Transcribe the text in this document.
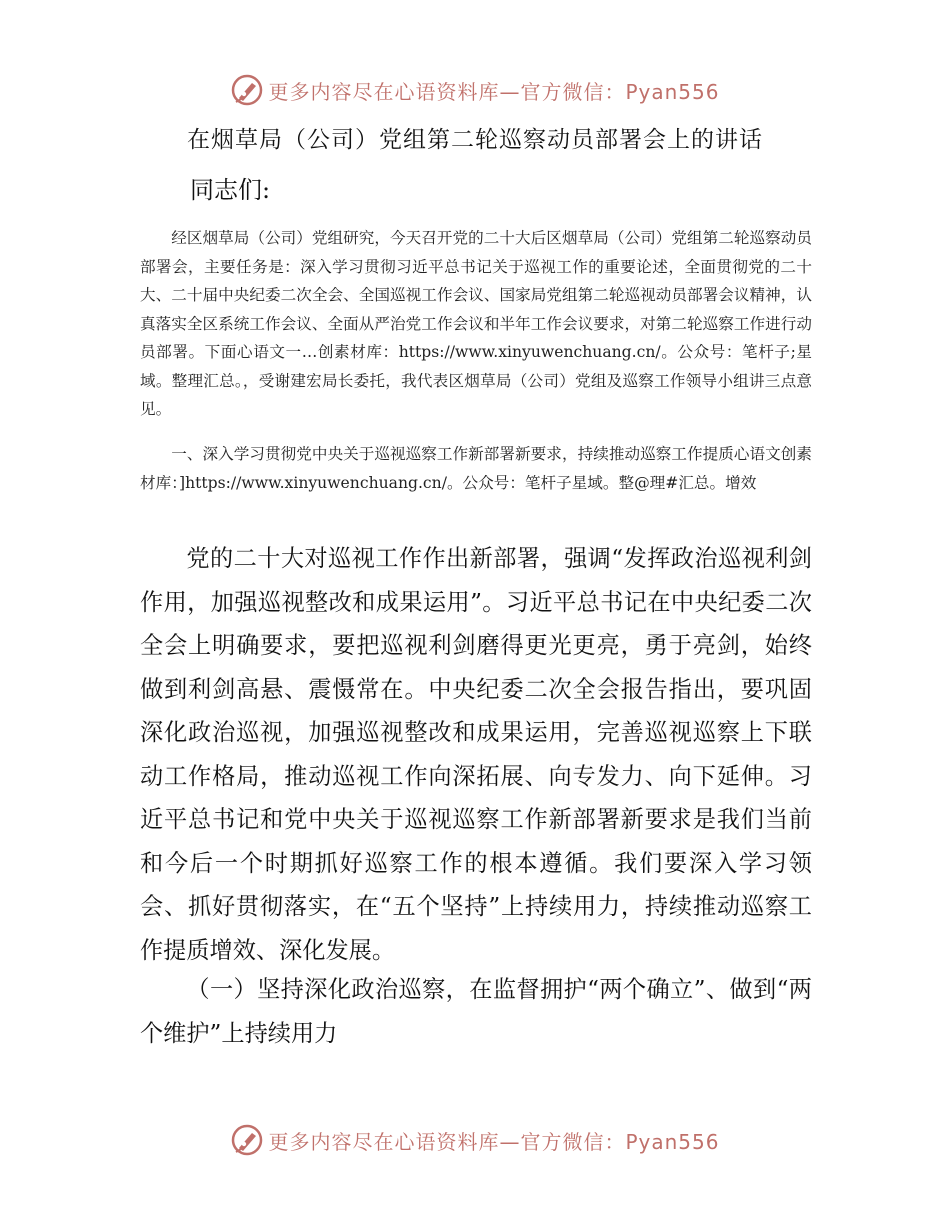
更多内容尽在心语资料库—官方微信：Pyan556
在烟草局（公司）党组第二轮巡察动员部署会上的讲话
同志们:

经区烟草局（公司）党组研究，今天召开党的二十大后区烟草局（公司）党组第二轮巡察动员部署会，主要任务是：深入学习贯彻习近平总书记关于巡视工作的重要论述，全面贯彻党的二十大、二十届中央纪委二次全会、全国巡视工作会议、国家局党组第二轮巡视动员部署会议精神，认真落实全区系统工作会议、全面从严治党工作会议和半年工作会议要求，对第二轮巡察工作进行动员部署。下面心语文一…创素材库：https://www.xinyuwenchuang.cn/。公众号：笔杆子;星域。整理汇总。，受谢建宏局长委托，我代表区烟草局（公司）党组及巡察工作领导小组讲三点意见。

一、深入学习贯彻党中央关于巡视巡察工作新部署新要求，持续推动巡察工作提质心语文创素材库：]https://www.xinyuwenchuang.cn/。公众号：笔杆子星域。整@理#汇总。增效

党的二十大对巡视工作作出新部署，强调“发挥政治巡视利剑作用，加强巡视整改和成果运用”。习近平总书记在中央纪委二次全会上明确要求，要把巡视利剑磨得更光更亮，勇于亮剑，始终做到利剑高悬、震慑常在。中央纪委二次全会报告指出，要巩固深化政治巡视，加强巡视整改和成果运用，完善巡视巡察上下联动工作格局，推动巡视工作向深拓展、向专发力、向下延伸。习近平总书记和党中央关于巡视巡察工作新部署新要求是我们当前和今后一个时期抓好巡察工作的根本遵循。我们要深入学习领会、抓好贯彻落实，在“五个坚持”上持续用力，持续推动巡察工作提质增效、深化发展。

（一）坚持深化政治巡察，在监督拥护“两个确立”、做到“两个维护”上持续用力

更多内容尽在心语资料库—官方微信：Pyan556
